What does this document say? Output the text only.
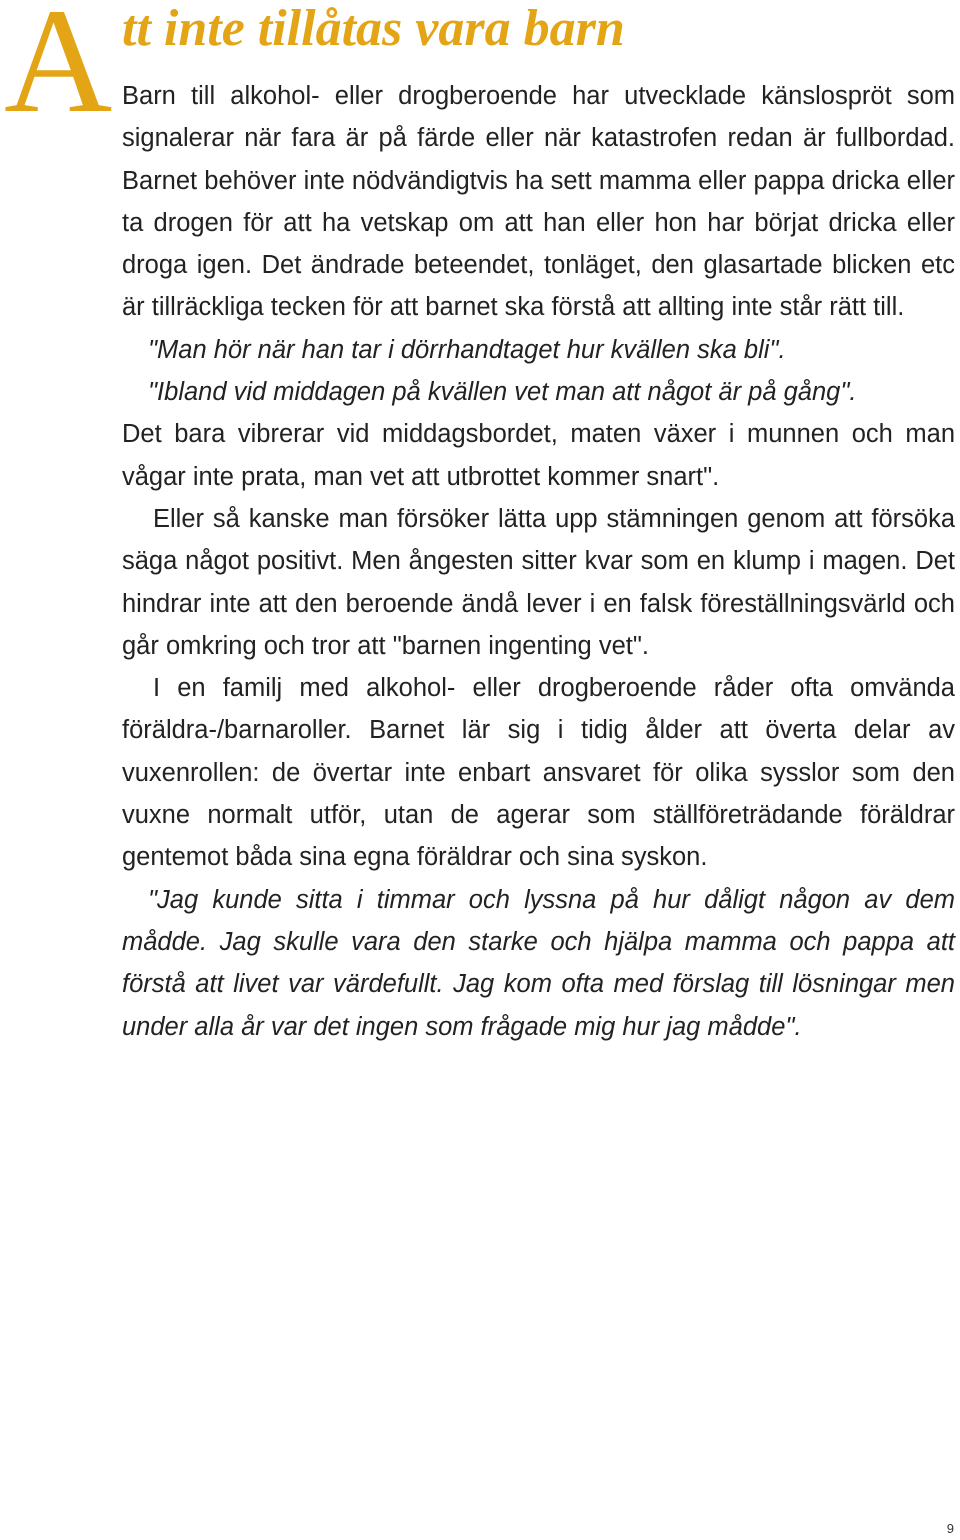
A tt inte tillåtas vara barn

Barn till alkohol- eller drogberoende har utvecklade känslospröt som signalerar när fara är på färde eller när katastrofen redan är fullbordad. Barnet behöver inte nödvändigtvis ha sett mamma eller pappa dricka eller ta drogen för att ha vetskap om att han eller hon har börjat dricka eller droga igen. Det ändrade beteendet, tonläget, den glasartade blicken etc är tillräckliga tecken för att barnet ska förstå att allting inte står rätt till.

"Man hör när han tar i dörrhandtaget hur kvällen ska bli".

"Ibland vid middagen på kvällen vet man att något är på gång".

Det bara vibrerar vid middagsbordet, maten växer i munnen och man vågar inte prata, man vet att utbrottet kommer snart".

Eller så kanske man försöker lätta upp stämningen genom att försöka säga något positivt. Men ångesten sitter kvar som en klump i magen. Det hindrar inte att den beroende ändå lever i en falsk föreställningsvärld och går omkring och tror att "barnen ingenting vet".

I en familj med alkohol- eller drogberoende råder ofta omvända föräldra-/barnaroller. Barnet lär sig i tidig ålder att överta delar av vuxenrollen: de övertar inte enbart ansvaret för olika sysslor som den vuxne normalt utför, utan de agerar som ställföreträdande föräldrar gentemot båda sina egna föräldrar och sina syskon.

"Jag kunde sitta i timmar och lyssna på hur dåligt någon av dem mådde. Jag skulle vara den starke och hjälpa mamma och pappa att förstå att livet var värdefullt. Jag kom ofta med förslag till lösningar men under alla år var det ingen som frågade mig hur jag mådde".

9
